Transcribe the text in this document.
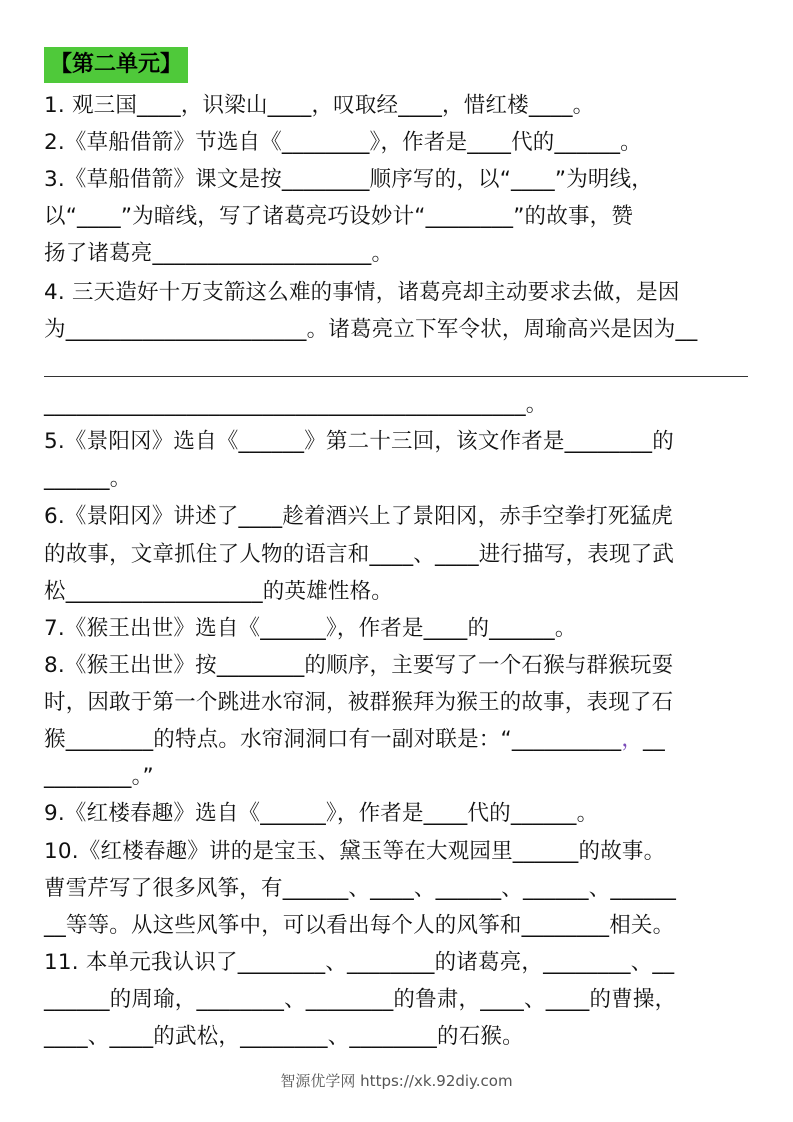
【第二单元】
1. 观三国____，识梁山____，叹取经____，惜红楼____。
2.《草船借箭》节选自《________》，作者是____代的______。
3.《草船借箭》课文是按________顺序写的，以“____”为明线，
以“____”为暗线，写了诸葛亮巧设妙计“________”的故事，赞
扬了诸葛亮____________________。
4. 三天造好十万支箭这么难的事情，诸葛亮却主动要求去做，是因
为______________________。诸葛亮立下军令状，周瑜高兴是因为__
____________________________________________。
5.《景阳冈》选自《______》第二十三回，该文作者是________的
______。
6.《景阳冈》讲述了____趁着酒兴上了景阳冈，赤手空拳打死猛虎
的故事，文章抓住了人物的语言和____、____进行描写，表现了武
松__________________的英雄性格。
7.《猴王出世》选自《______》，作者是____的______。
8.《猴王出世》按________的顺序，主要写了一个石猴与群猴玩耍
时，因敢于第一个跳进水帘洞，被群猴拜为猴王的故事，表现了石
猴________的特点。水帘洞洞口有一副对联是：“__________，__
________。”
9.《红楼春趣》选自《______》，作者是____代的______。
10.《红楼春趣》讲的是宝玉、黛玉等在大观园里______的故事。
曹雪芹写了很多风筝，有______、____、______、______、______
__等等。从这些风筝中，可以看出每个人的风筝和________相关。
11. 本单元我认识了________、________的诸葛亮，________、__
______的周瑜，________、________的鲁肃，____、____的曹操，
____、____的武松，________、________的石猴。
智源优学网 https://xk.92diy.com
